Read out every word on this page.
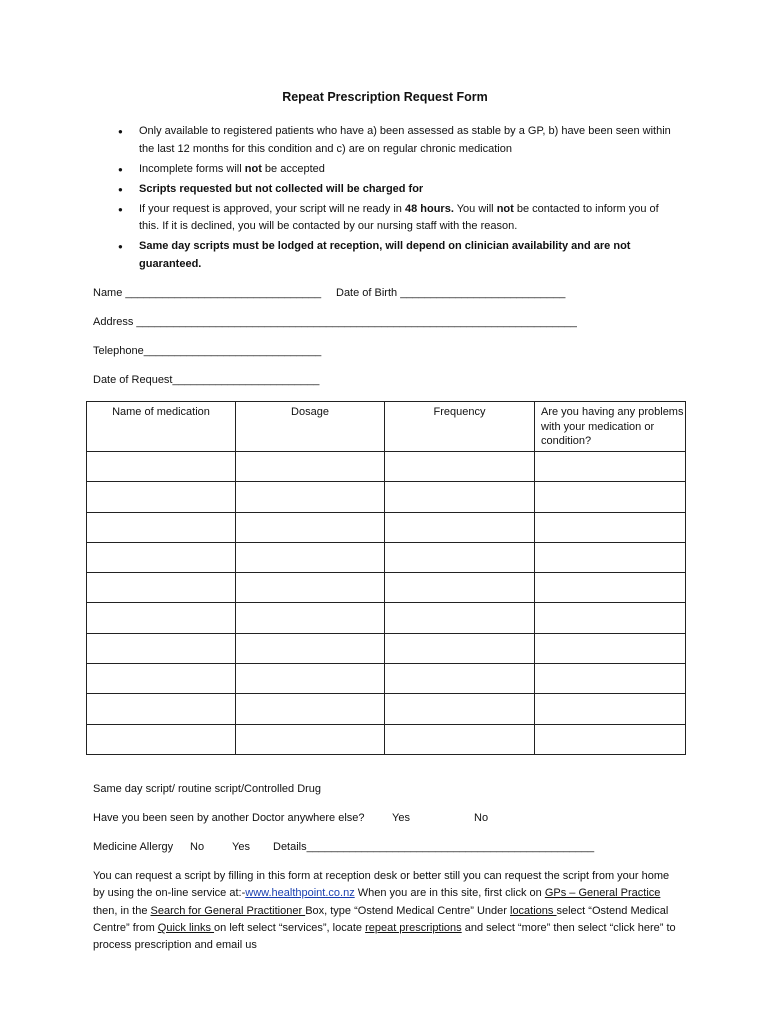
Repeat Prescription Request Form
● Only available to registered patients who have a) been assessed as stable by a GP, b) have been seen within the last 12 months for this condition and c) are on regular chronic medication
● Incomplete forms will not be accepted
● Scripts requested but not collected will be charged for
● If your request is approved, your script will ne ready in 48 hours. You will not be contacted to inform you of this. If it is declined, you will be contacted by our nursing staff with the reason.
● Same day scripts must be lodged at reception, will depend on clinician availability and are not guaranteed.
Name ________________________________ Date of Birth ___________________________
Address ________________________________________________________________________
Telephone_____________________________
Date of Request________________________
Name of medication	Dosage	Frequency	Are you having any problems with your medication or condition?

Same day script/ routine script/Controlled Drug
Have you been seen by another Doctor anywhere else? Yes	No
Medicine Allergy No	Yes Details_______________________________________________
You can request a script by filling in this form at reception desk or better still you can request the script from your home by using the on-line service at:-www.healthpoint.co.nz When you are in this site, first click on GPs – General Practice then, in the Search for General Practitioner Box, type “Ostend Medical Centre” Under locations select “Ostend Medical Centre” from Quick links on left select “services”, locate repeat prescriptions and select “more” then select “click here” to process prescription and email us
